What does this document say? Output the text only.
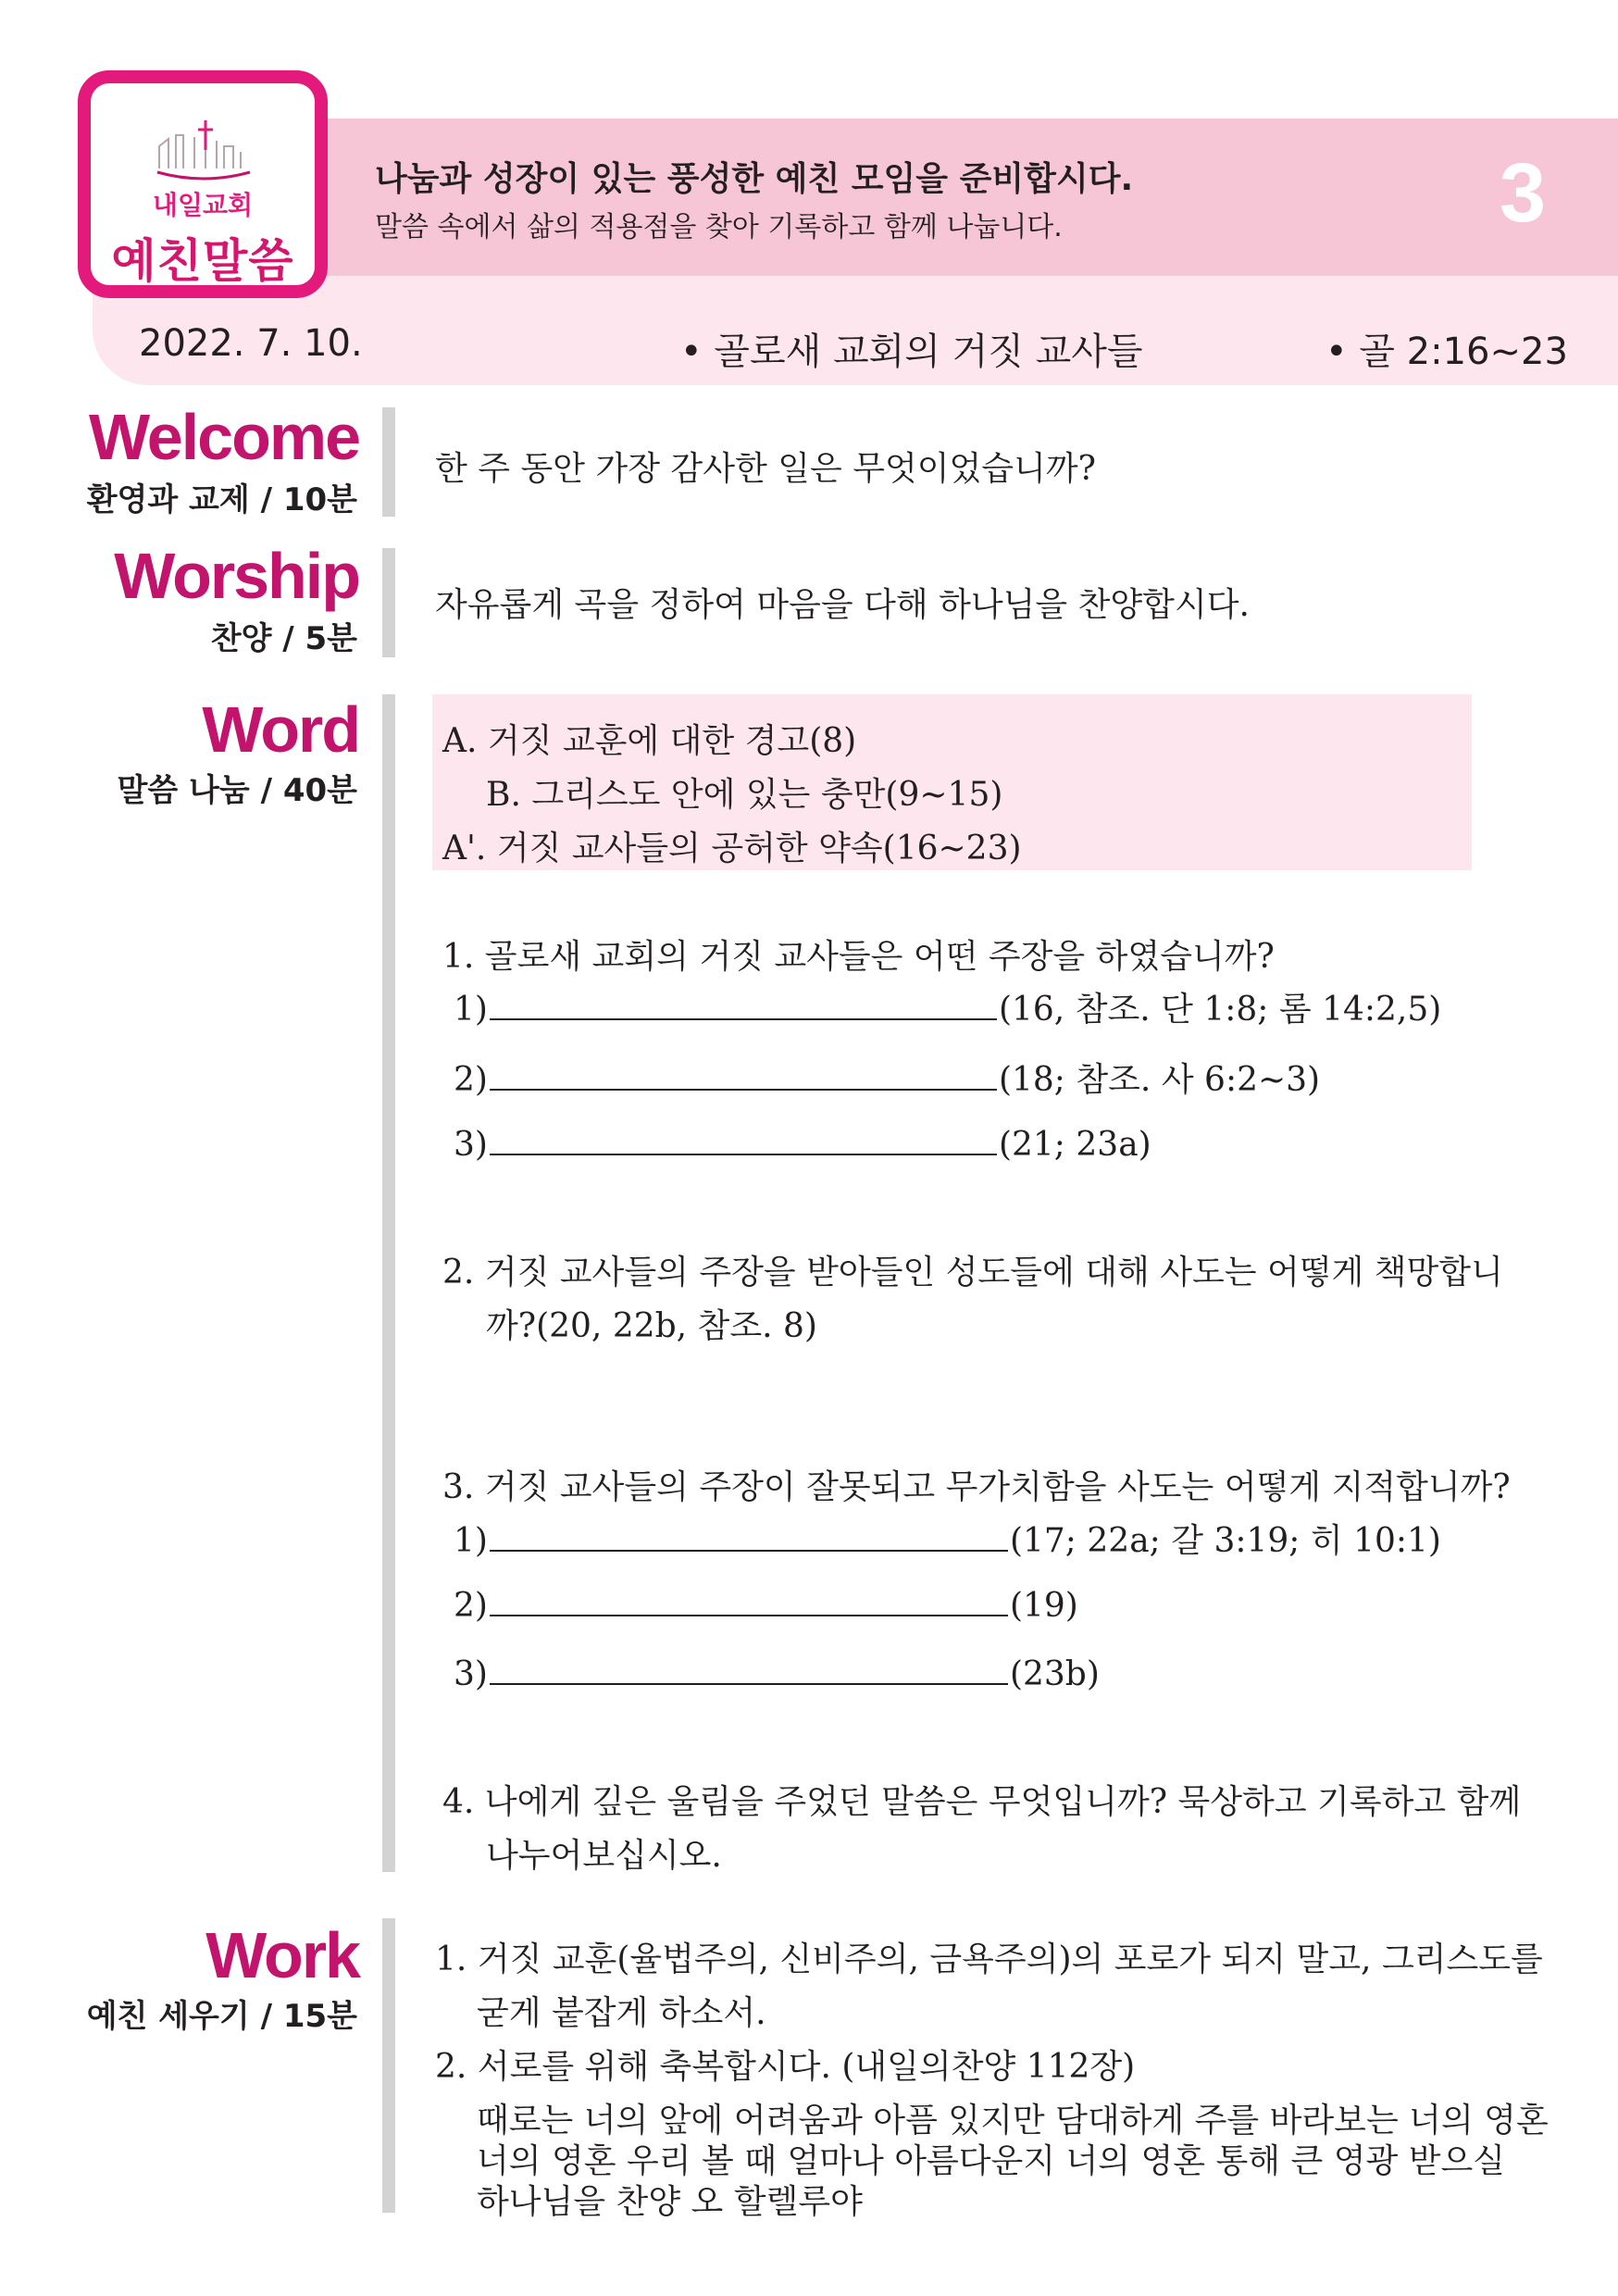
내일교회
예친말씀
나눔과 성장이 있는 풍성한 예친 모임을 준비합시다.
말씀 속에서 삶의 적용점을 찾아 기록하고 함께 나눕니다.	3
2022. 7. 10.	• 골로새 교회의 거짓 교사들	• 골 2:16~23
Welcome
환영과 교제 / 10분
한 주 동안 가장 감사한 일은 무엇이었습니까?
Worship
찬양 / 5분
자유롭게 곡을 정하여 마음을 다해 하나님을 찬양합시다.
Word
말씀 나눔 / 40분
A. 거짓 교훈에 대한 경고(8)
B. 그리스도 안에 있는 충만(9~15)
A'. 거짓 교사들의 공허한 약속(16~23)
1. 골로새 교회의 거짓 교사들은 어떤 주장을 하였습니까?
1)	(16, 참조. 단 1:8; 롬 14:2,5)
2)	(18; 참조. 사 6:2~3)
3)	(21; 23a)
2. 거짓 교사들의 주장을 받아들인 성도들에 대해 사도는 어떻게 책망합니
까?(20, 22b, 참조. 8)
3. 거짓 교사들의 주장이 잘못되고 무가치함을 사도는 어떻게 지적합니까?
1)	(17; 22a; 갈 3:19; 히 10:1)
2)	(19)
3)	(23b)
4. 나에게 깊은 울림을 주었던 말씀은 무엇입니까? 묵상하고 기록하고 함께
나누어보십시오.
Work
예친 세우기 / 15분
1. 거짓 교훈(율법주의, 신비주의, 금욕주의)의 포로가 되지 말고, 그리스도를
굳게 붙잡게 하소서.
2. 서로를 위해 축복합시다. (내일의찬양 112장)
때로는 너의 앞에 어려움과 아픔 있지만 담대하게 주를 바라보는 너의 영혼
너의 영혼 우리 볼 때 얼마나 아름다운지 너의 영혼 통해 큰 영광 받으실
하나님을 찬양 오 할렐루야
